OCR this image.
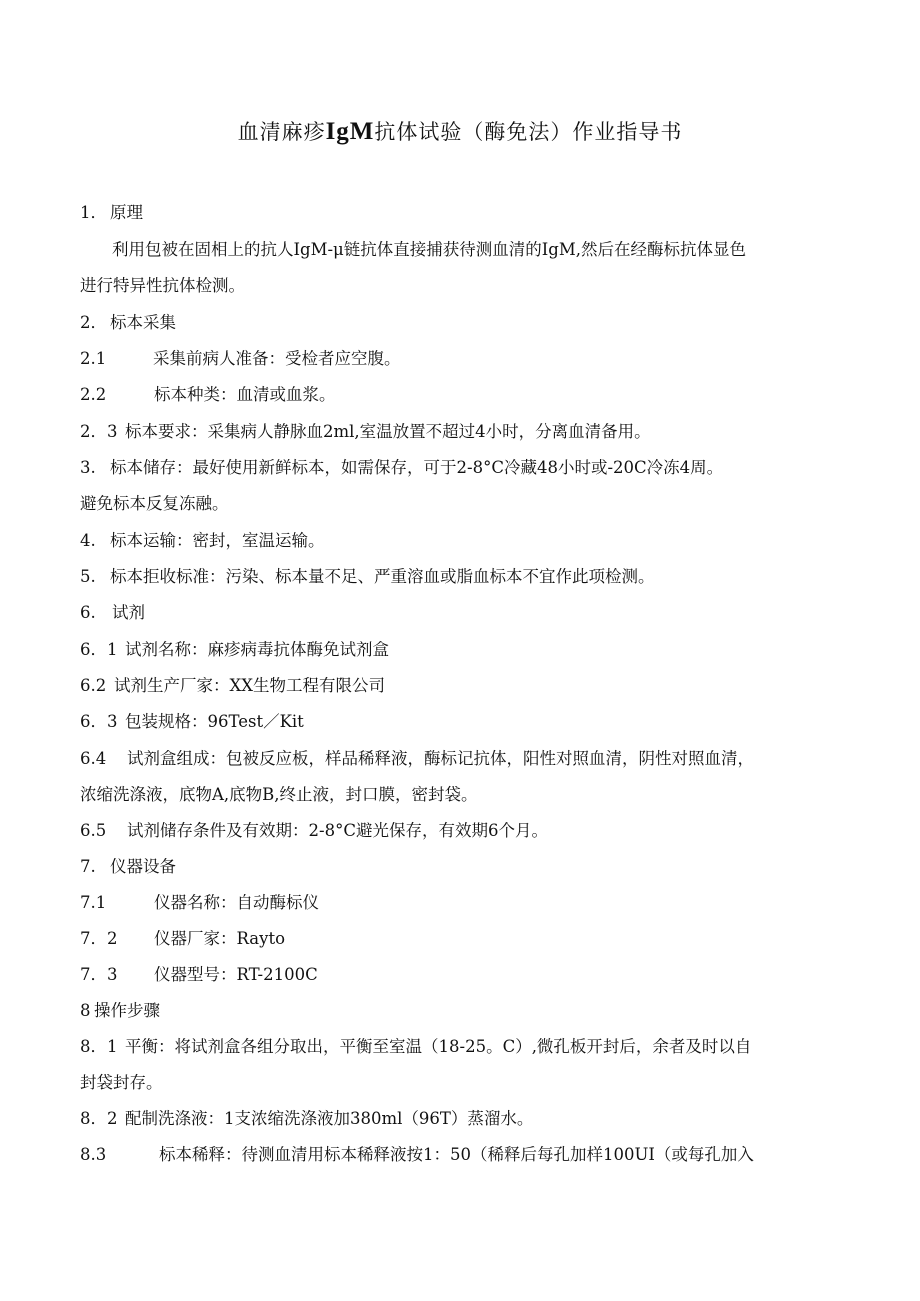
血清麻疹IgM抗体试验（酶免法）作业指导书
1． 原理
利用包被在固相上的抗人IgM-μ链抗体直接捕获待测血清的IgM,然后在经酶标抗体显色
进行特异性抗体检测。
2． 标本采集
2.1	采集前病人准备：受检者应空腹。
2.2	标本种类：血清或血浆。
2．3 标本要求：采集病人静脉血2ml,室温放置不超过4小时，分离血清备用。
3. 标本储存：最好使用新鲜标本，如需保存，可于2-8°C冷藏48小时或-20C冷冻4周。
避免标本反复冻融。
4. 标本运输：密封，室温运输。
5. 标本拒收标准：污染、标本量不足、严重溶血或脂血标本不宜作此项检测。
6. 试剂
6．1 试剂名称：麻疹病毒抗体酶免试剂盒
6.2 试剂生产厂家：XX生物工程有限公司
6．3 包装规格：96Test／Kit
6.4 试剂盒组成：包被反应板，样品稀释液，酶标记抗体，阳性对照血清，阴性对照血清，
浓缩洗涤液，底物A,底物B,终止液，封口膜，密封袋。
6.5 试剂储存条件及有效期：2-8°C避光保存，有效期6个月。
7. 仪器设备
7.1	仪器名称：自动酶标仪
7．2 仪器厂家：Rayto
7．3 仪器型号：RT-2100C
8 操作步骤
8．1 平衡：将试剂盒各组分取出，平衡至室温（18-25。C）,微孔板开封后，余者及时以自
封袋封存。
8．2 配制洗涤液：1支浓缩洗涤液加380ml（96T）蒸溜水。
8.3	标本稀释：待测血清用标本稀释液按1：50（稀释后每孔加样100UI（或每孔加入
